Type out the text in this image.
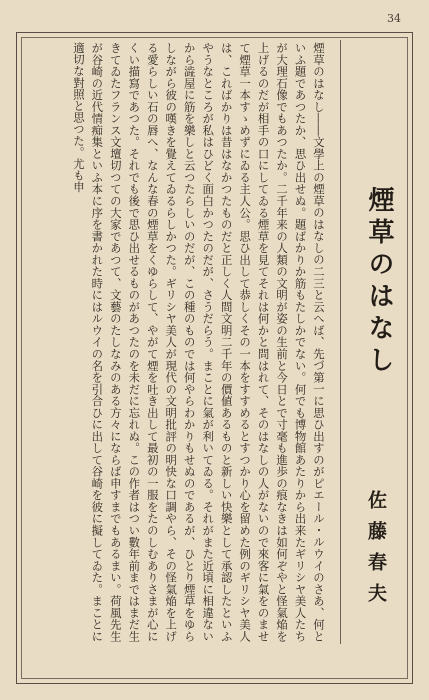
34
煙草のはなし
佐藤春夫
煙草のはなし――文學上の煙草のはなしの二三と云へば、先づ第一に思ひ出すのがピエール・ルウイのさあ、何といふ題であつたか、思ひ出せぬ。題ばかりか筋もたしかでない。何でも博物館あたりから出来たギリシヤ美人たちが大理石像でもあつたか。二千年来の人類の文明が姿の生前と今日とで寸毫も進歩の痕なきは如何ぞやと怪氣焔を上げるのだが相手の口にしてゐる煙草を見てそれは何かと問はれて、そのはなしの人がないので來客に氣をのませて煙草一本すゝめずにゐる主人公。思ひ出して恭しくその一本をすすめるとすつかり心を留めた例のギリシヤ美人は、こればかりは昔はなかつたものだと正しく人間文明二千年の價値あるものと新しい快樂として承認したといふやうなところが私はひどく面白かつたのだが、さうだらう。まことに氣が利いてゐる。それがまた近頃に相違ないから澁屋に筋を樂しと云つたらしいのだが、この種のものでは何やらわかりもせぬのであるが、ひとり煙草をゆらしながら彼の嘆きを覺えてゐるらしかつた。ギリシヤ美人が現代の文明批評の明快な口調やら、その怪氣焔を上げる愛らしい石の唇へ、なんな春の煙草をくゆらして、やがて煙を吐き出して最初の一服をたのしむありさまが心にくい描寫であつた。それでも後で思ひ出せるものがあつたのを未だに忘れぬ。この作者はつい數年前まではまだ生きてゐたフランス文壇切つての大家であつて、文藝のたしなみのある方々にならば申すまでもあるまい。荷風先生が谷崎の近代情痴集といふ本に序を書かれた時にはルウイの名を引合ひに出して谷崎を彼に擬してゐた。まことに適切な對照と思つた。尤も申
